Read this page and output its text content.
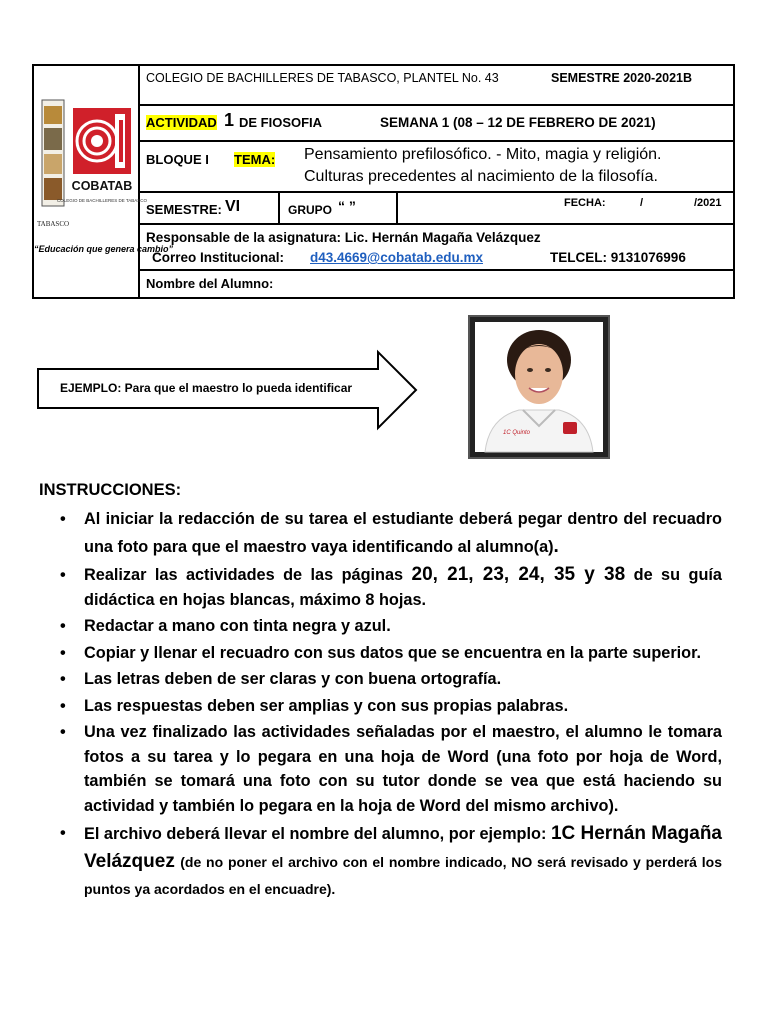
TABASCO
COBATAB
COLEGIO DE BACHILLERES DE TABASCO
“Educación que genera cambio”
COLEGIO DE BACHILLERES DE TABASCO, PLANTEL No. 43	SEMESTRE 2020-2021B
ACTIVIDAD 1 DE FIOSOFIA	SEMANA 1 (08 – 12 DE FEBRERO DE 2021)
BLOQUE I TEMA: Pensamiento prefilosófico. - Mito, magia y religión.
Culturas precedentes al nacimiento de la filosofía.
SEMESTRE: VI	GRUPO “ ”	FECHA:	/	/2021
Responsable de la asignatura: Lic. Hernán Magaña Velázquez
Correo Institucional: d43.4669@cobatab.edu.mx	TELCEL: 9131076996
Nombre del Alumno:
EJEMPLO: Para que el maestro lo pueda identificar
1C Quinto
INSTRUCCIONES:
• Al iniciar la redacción de su tarea el estudiante deberá pegar dentro del recuadro una foto para que el maestro vaya identificando al alumno(a).
• Realizar las actividades de las páginas 20, 21, 23, 24, 35 y 38 de su guía didáctica en hojas blancas, máximo 8 hojas.
• Redactar a mano con tinta negra y azul.
• Copiar y llenar el recuadro con sus datos que se encuentra en la parte superior.
• Las letras deben de ser claras y con buena ortografía.
• Las respuestas deben ser amplias y con sus propias palabras.
• Una vez finalizado las actividades señaladas por el maestro, el alumno le tomara fotos a su tarea y lo pegara en una hoja de Word (una foto por hoja de Word, también se tomará una foto con su tutor donde se vea que está haciendo su actividad y también lo pegara en la hoja de Word del mismo archivo).
• El archivo deberá llevar el nombre del alumno, por ejemplo: 1C Hernán Magaña Velázquez (de no poner el archivo con el nombre indicado, NO será revisado y perderá los puntos ya acordados en el encuadre).
